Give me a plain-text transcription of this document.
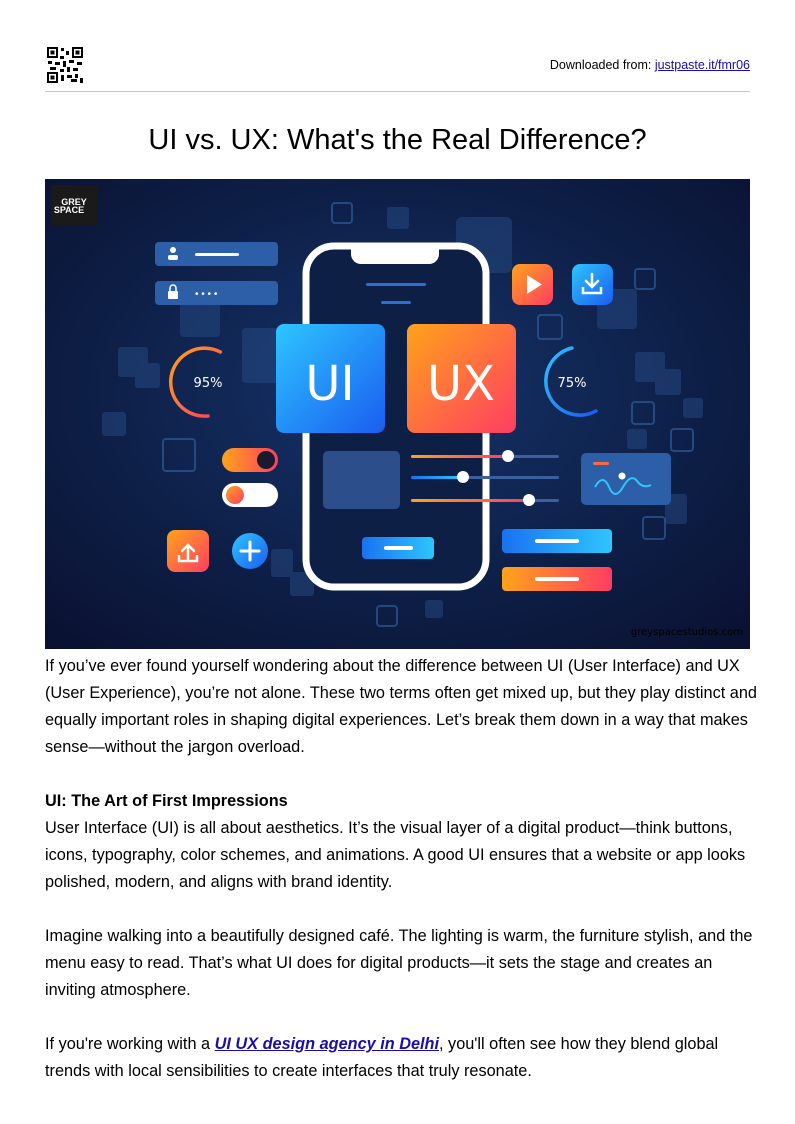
Downloaded from: justpaste.it/fmr06
UI vs. UX: What's the Real Difference?
GREY
SPACE
• • • •
95%	75%
UI UX
greyspacestudios.com

If you’ve ever found yourself wondering about the difference between UI (User Interface) and UX (User Experience), you’re not alone. These two terms often get mixed up, but they play distinct and equally important roles in shaping digital experiences. Let’s break them down in a way that makes sense—without the jargon overload.

UI: The Art of First Impressions

User Interface (UI) is all about aesthetics. It’s the visual layer of a digital product—think buttons, icons, typography, color schemes, and animations. A good UI ensures that a website or app looks polished, modern, and aligns with brand identity.

Imagine walking into a beautifully designed café. The lighting is warm, the furniture stylish, and the menu easy to read. That’s what UI does for digital products—it sets the stage and creates an inviting atmosphere.

If you're working with a UI UX design agency in Delhi, you'll often see how they blend global trends with local sensibilities to create interfaces that truly resonate.
